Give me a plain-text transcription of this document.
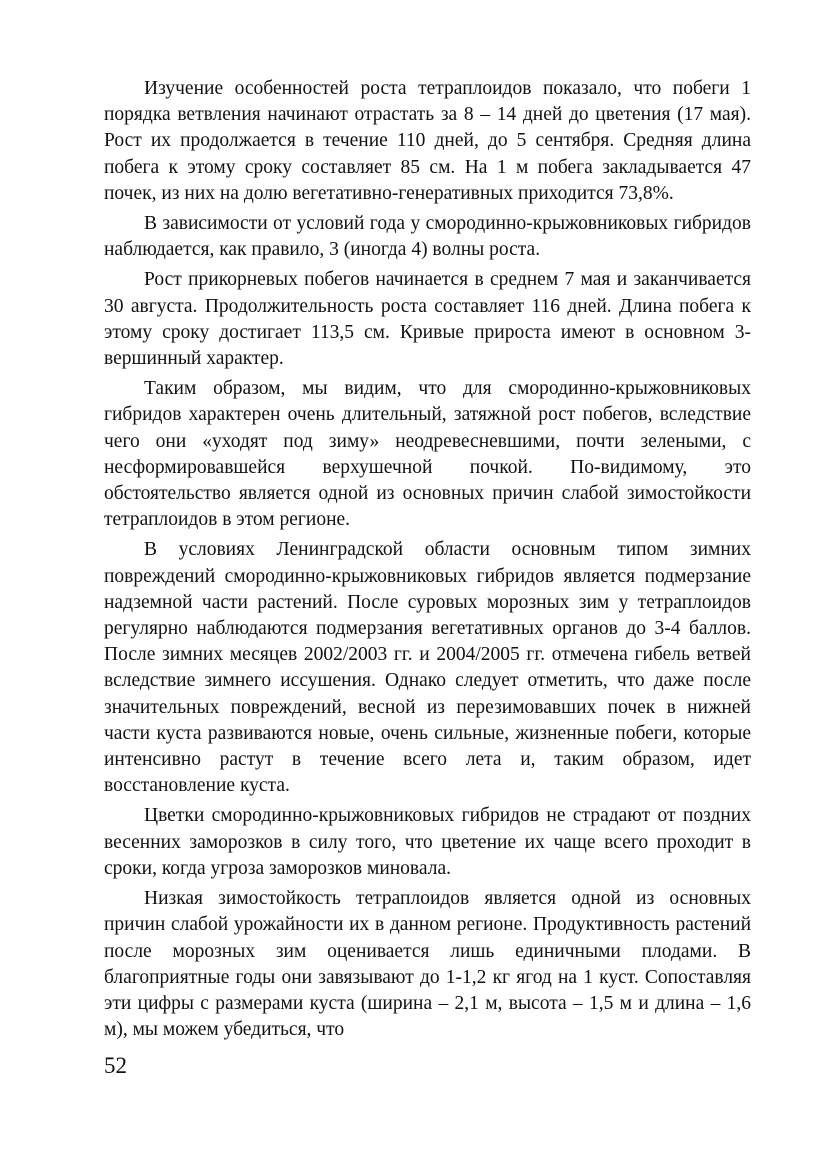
Изучение особенностей роста тетраплоидов показало, что побеги 1 порядка ветвления начинают отрастать за 8 – 14 дней до цветения (17 мая). Рост их продолжается в течение 110 дней, до 5 сентября. Средняя длина побега к этому сроку составляет 85 см. На 1 м побега закладывается 47 почек, из них на долю вегетативно-генеративных приходится 73,8%.

В зависимости от условий года у смородинно-крыжовниковых гибридов наблюдается, как правило, 3 (иногда 4) волны роста.

Рост прикорневых побегов начинается в среднем 7 мая и заканчивается 30 августа. Продолжительность роста составляет 116 дней. Длина побега к этому сроку достигает 113,5 см. Кривые прироста имеют в основном 3-вершинный характер.

Таким образом, мы видим, что для смородинно-крыжовниковых гибридов характерен очень длительный, затяжной рост побегов, вследствие чего они «уходят под зиму» неодревесневшими, почти зелеными, с несформировавшейся верхушечной почкой. По-видимому, это обстоятельство является одной из основных причин слабой зимостойкости тетраплоидов в этом регионе.

В условиях Ленинградской области основным типом зимних повреждений смородинно-крыжовниковых гибридов является подмерзание надземной части растений. После суровых морозных зим у тетраплоидов регулярно наблюдаются подмерзания вегетативных органов до 3-4 баллов. После зимних месяцев 2002/2003 гг. и 2004/2005 гг. отмечена гибель ветвей вследствие зимнего иссушения. Однако следует отметить, что даже после значительных повреждений, весной из перезимовавших почек в нижней части куста развиваются новые, очень сильные, жизненные побеги, которые интенсивно растут в течение всего лета и, таким образом, идет восстановление куста.

Цветки смородинно-крыжовниковых гибридов не страдают от поздних весенних заморозков в силу того, что цветение их чаще всего проходит в сроки, когда угроза заморозков миновала.

Низкая зимостойкость тетраплоидов является одной из основных причин слабой урожайности их в данном регионе. Продуктивность растений после морозных зим оценивается лишь единичными плодами. В благоприятные годы они завязывают до 1-1,2 кг ягод на 1 куст. Сопоставляя эти цифры с размерами куста (ширина – 2,1 м, высота – 1,5 м и длина – 1,6 м), мы можем убедиться, что

52
